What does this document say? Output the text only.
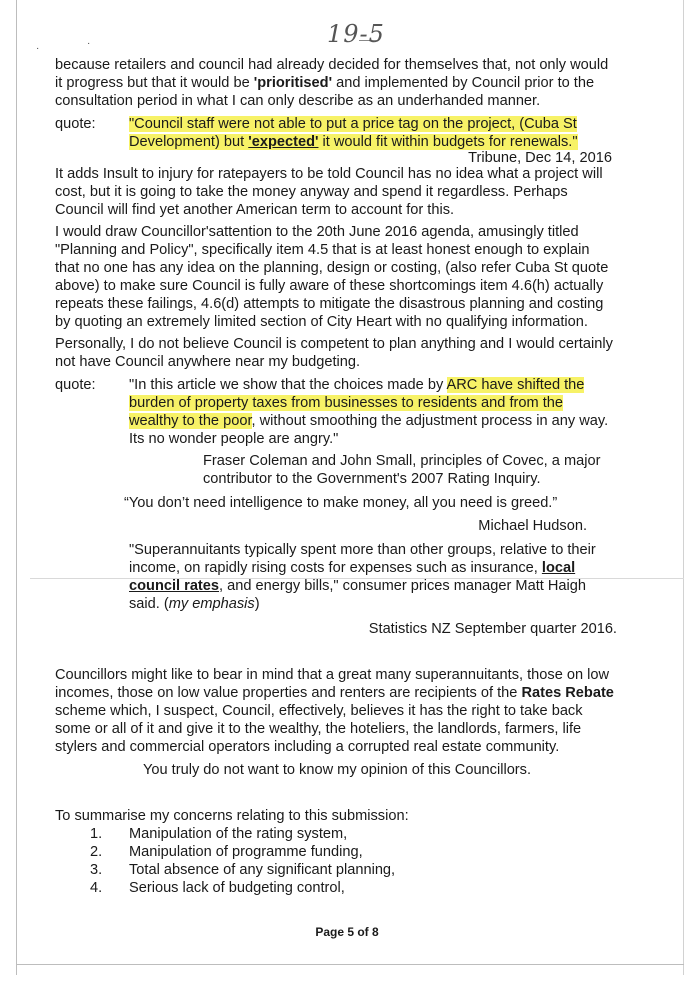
·	·	19-5
because retailers and council had already decided for themselves that, not only would
it progress but that it would be 'prioritised' and implemented by Council prior to the
consultation period in what I can only describe as an underhanded manner.
quote: "Council staff were not able to put a price tag on the project, (Cuba St
Development) but 'expected' it would fit within budgets for renewals."
Tribune, Dec 14, 2016
It adds Insult to injury for ratepayers to be told Council has no idea what a project will
cost, but it is going to take the money anyway and spend it regardless. Perhaps
Council will find yet another American term to account for this.
I would draw Councillor'sattention to the 20th June 2016 agenda, amusingly titled
"Planning and Policy", specifically item 4.5 that is at least honest enough to explain
that no one has any idea on the planning, design or costing, (also refer Cuba St quote
above) to make sure Council is fully aware of these shortcomings item 4.6(h) actually
repeats these failings, 4.6(d) attempts to mitigate the disastrous planning and costing
by quoting an extremely limited section of City Heart with no qualifying information.
Personally, I do not believe Council is competent to plan anything and I would certainly
not have Council anywhere near my budgeting.
quote: "In this article we show that the choices made by ARC have shifted the
burden of property taxes from businesses to residents and from the
wealthy to the poor, without smoothing the adjustment process in any way.
Its no wonder people are angry."
Fraser Coleman and John Small, principles of Covec, a major
contributor to the Government's 2007 Rating Inquiry.
“You don’t need intelligence to make money, all you need is greed.”
Michael Hudson.
"Superannuitants typically spent more than other groups, relative to their
income, on rapidly rising costs for expenses such as insurance, local
council rates, and energy bills," consumer prices manager Matt Haigh
said. (my emphasis)
Statistics NZ September quarter 2016.
Councillors might like to bear in mind that a great many superannuitants, those on low
incomes, those on low value properties and renters are recipients of the Rates Rebate
scheme which, I suspect, Council, effectively, believes it has the right to take back
some or all of it and give it to the wealthy, the hoteliers, the landlords, farmers, life
stylers and commercial operators including a corrupted real estate community.
You truly do not want to know my opinion of this Councillors.
To summarise my concerns relating to this submission:
1. Manipulation of the rating system,
2. Manipulation of programme funding,
3. Total absence of any significant planning,
4. Serious lack of budgeting control,
Page 5 of 8
